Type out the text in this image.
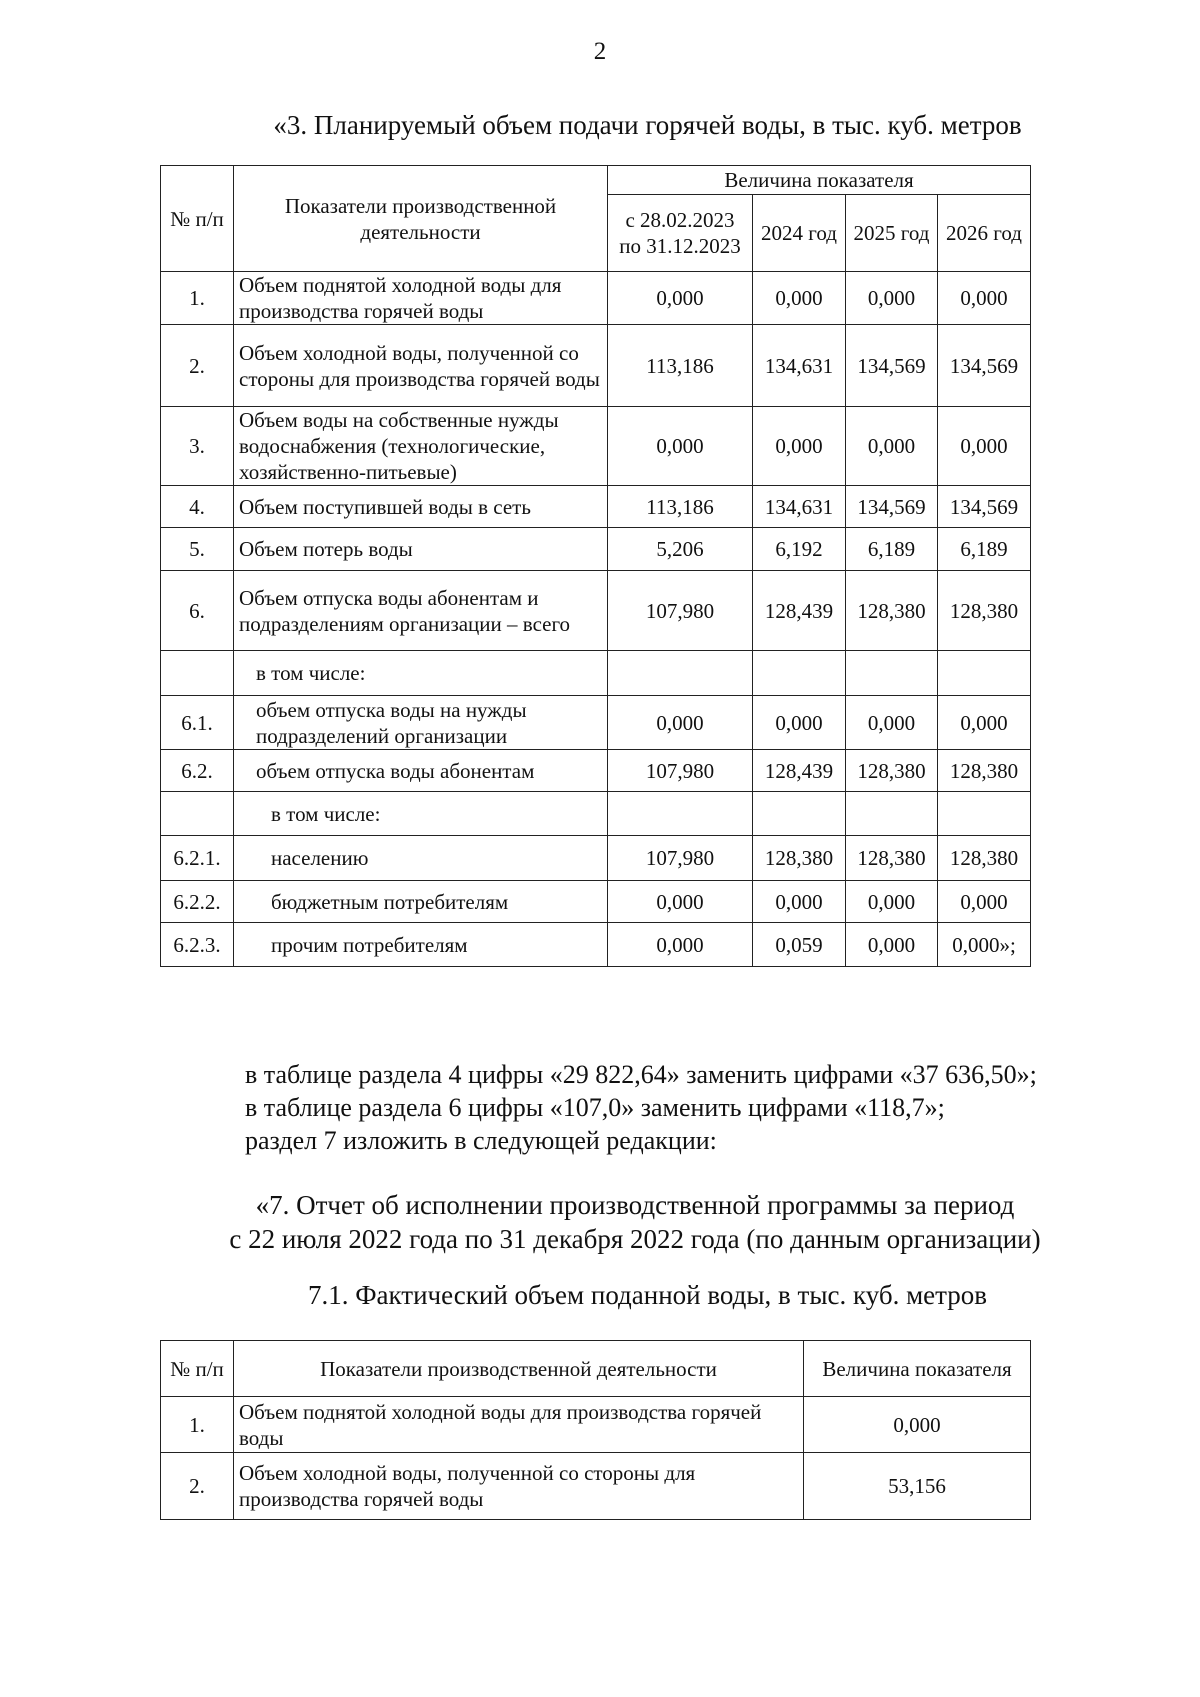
2
«3. Планируемый объем подачи горячей воды, в тыс. куб. метров
№ п/п	Показатели производственной деятельности	Величина показателя			
		с 28.02.2023 по 31.12.2023	2024 год	2025 год	2026 год
1.	Объем поднятой холодной воды для производства горячей воды	0,000	0,000	0,000	0,000
2.	Объем холодной воды, полученной со стороны для производства горячей воды	113,186	134,631	134,569	134,569
3.	Объем воды на собственные нужды водоснабжения (технологические, хозяйственно-питьевые)	0,000	0,000	0,000	0,000
4.	Объем поступившей воды в сеть	113,186	134,631	134,569	134,569
5.	Объем потерь воды	5,206	6,192	6,189	6,189
6.	Объем отпуска воды абонентам и подразделениям организации – всего	107,980	128,439	128,380	128,380
	в том числе:				
6.1.	объем отпуска воды на нужды подразделений организации	0,000	0,000	0,000	0,000
6.2.	объем отпуска воды абонентам	107,980	128,439	128,380	128,380
	в том числе:				
6.2.1.	населению	107,980	128,380	128,380	128,380
6.2.2.	бюджетным потребителям	0,000	0,000	0,000	0,000
6.2.3.	прочим потребителям	0,000	0,059	0,000	0,000»;
в таблице раздела 4 цифры «29 822,64» заменить цифрами «37 636,50»;
в таблице раздела 6 цифры «107,0» заменить цифрами «118,7»;
раздел 7 изложить в следующей редакции:
«7. Отчет об исполнении производственной программы за период
с 22 июля 2022 года по 31 декабря 2022 года (по данным организации)
7.1. Фактический объем поданной воды, в тыс. куб. метров
№ п/п	Показатели производственной деятельности	Величина показателя
1.	Объем поднятой холодной воды для производства горячей воды	0,000
2.	Объем холодной воды, полученной со стороны для производства горячей воды	53,156
